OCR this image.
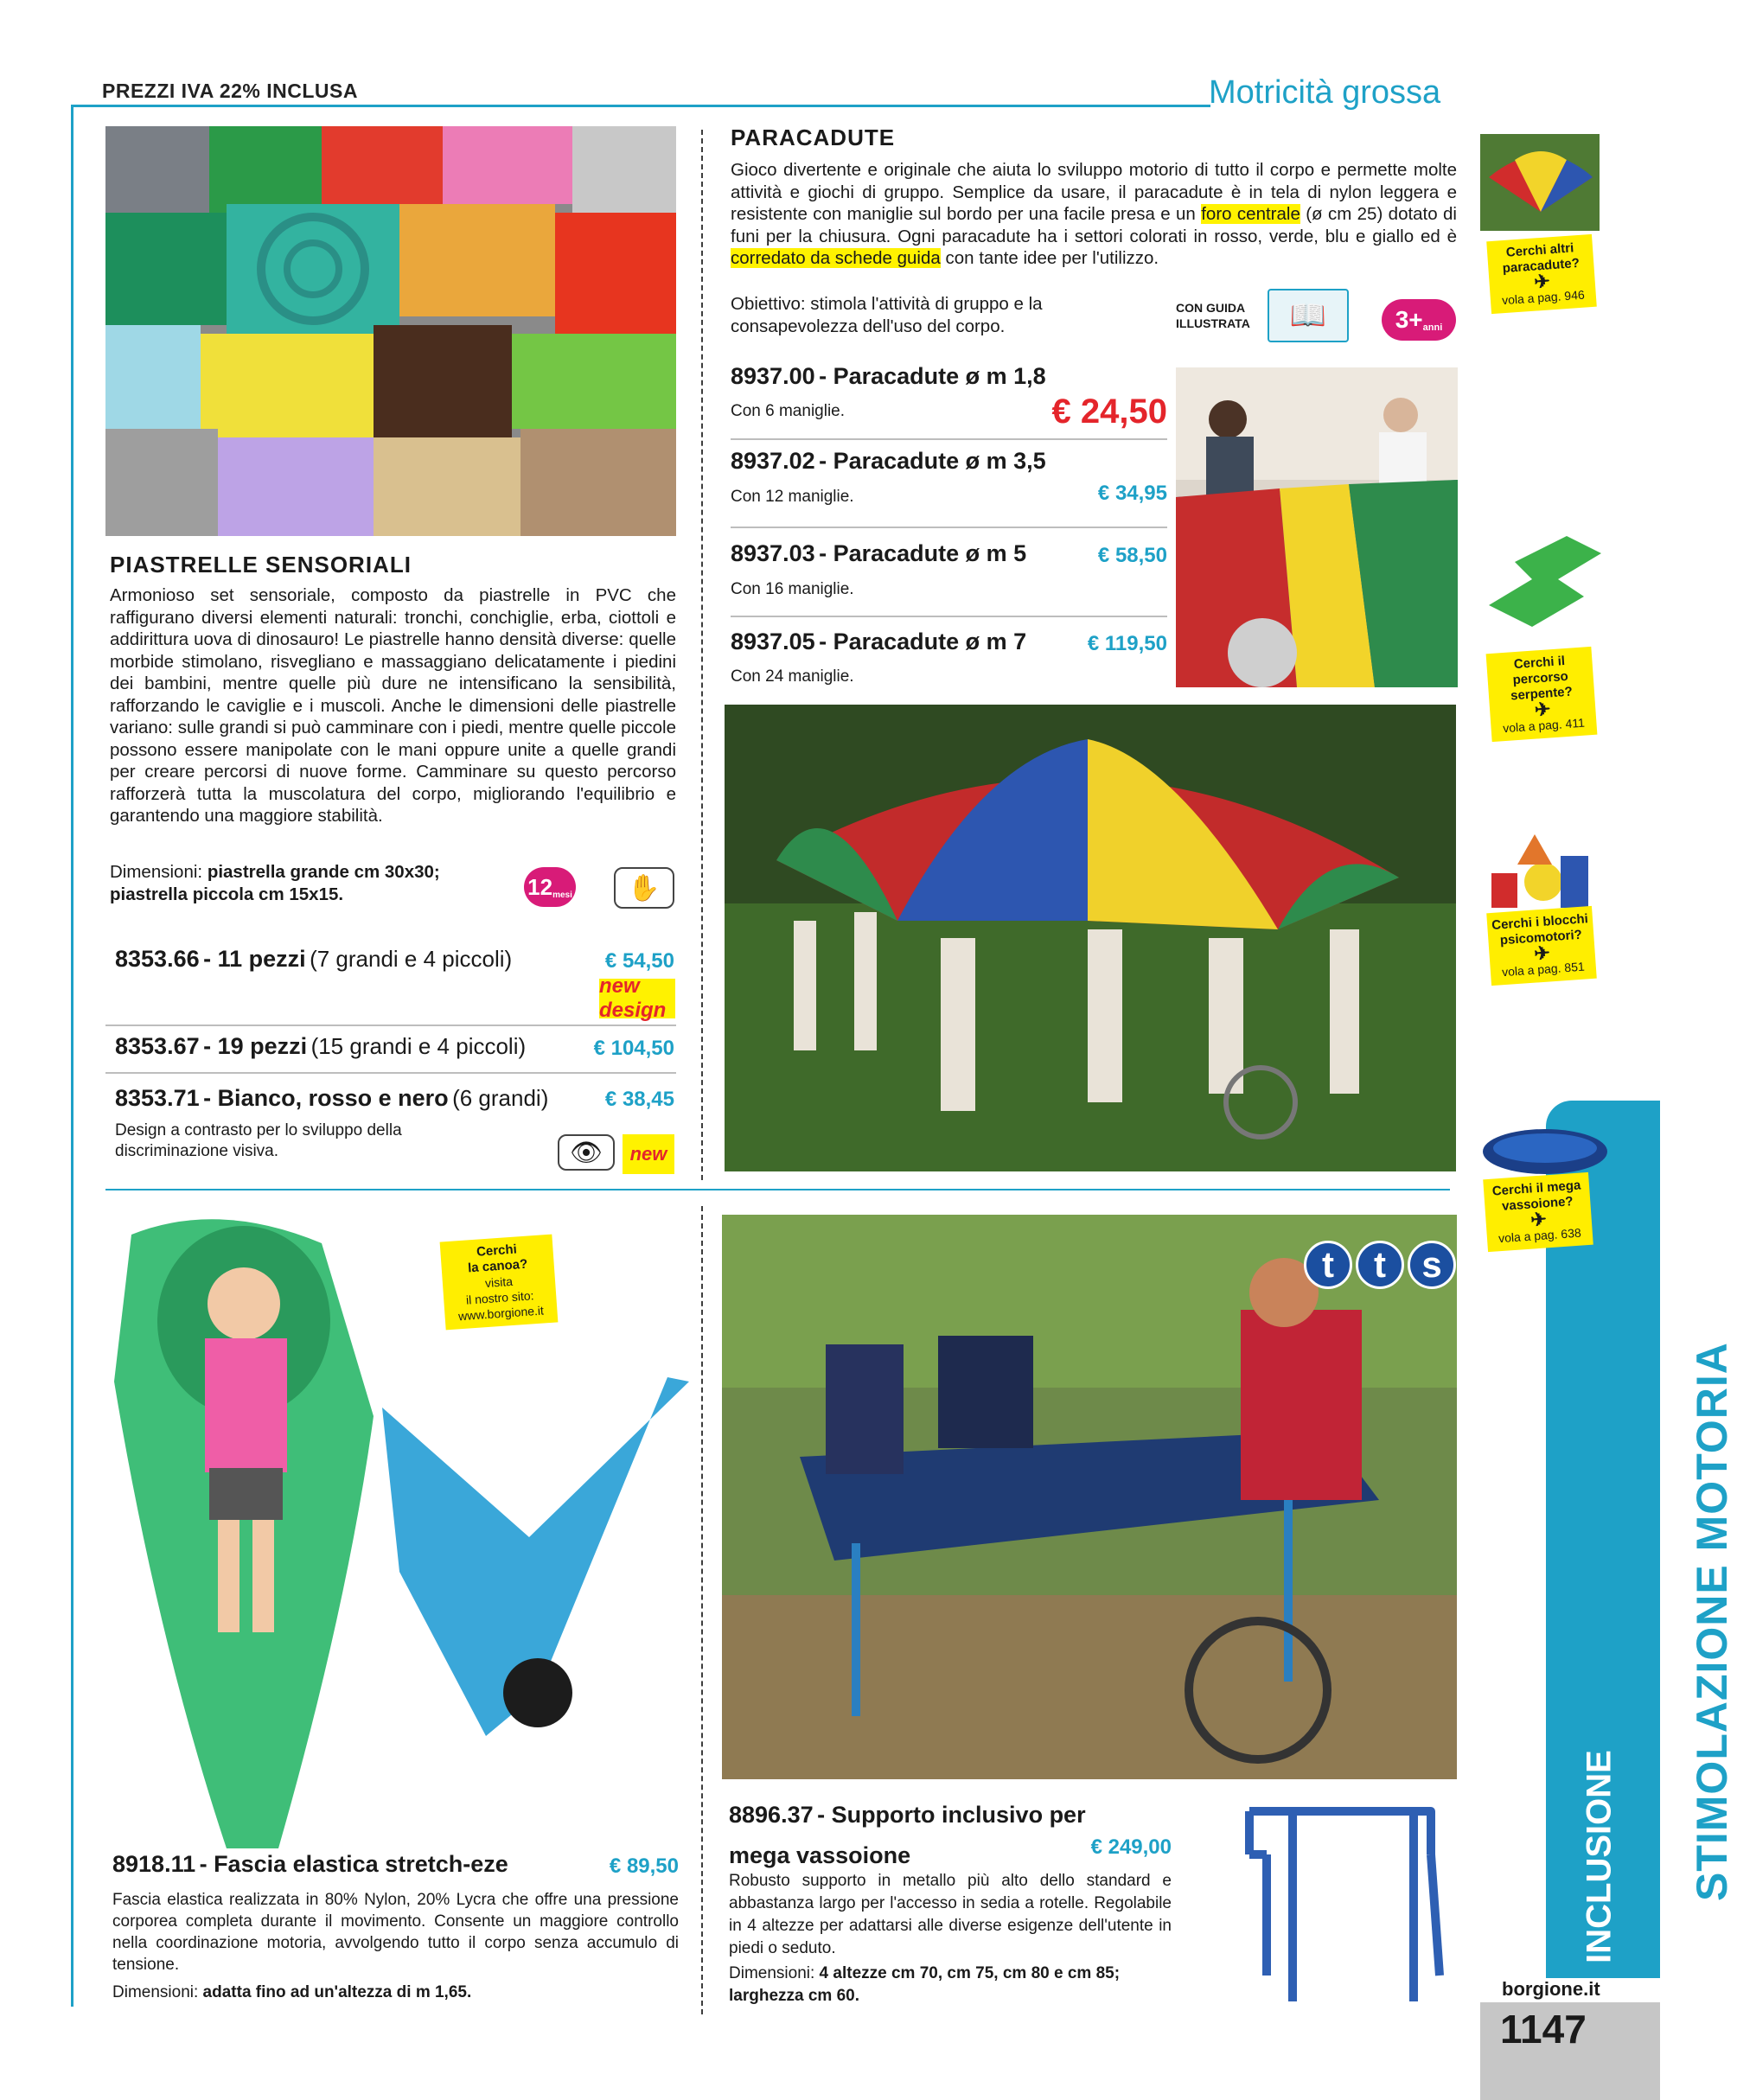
PREZZI IVA 22% INCLUSA	Motricità grossa
PIASTRELLE SENSORIALI
Armonioso set sensoriale, composto da piastrelle in PVC che raffigurano diversi elementi naturali: tronchi, conchiglie, erba, ciottoli e addirittura uova di dinosauro! Le piastrelle hanno densità diverse: quelle morbide stimolano, risvegliano e massaggiano delicatamente i piedini dei bambini, mentre quelle più dure ne intensificano la sensibilità, rafforzando le caviglie e i muscoli. Anche le dimensioni delle piastrelle variano: sulle grandi si può camminare con i piedi, mentre quelle piccole possono essere manipolate con le mani oppure unite a quelle grandi per creare percorsi di nuove forme. Camminare su questo percorso rafforzerà tutta la muscolatura del corpo, migliorando l'equilibrio e garantendo una maggiore stabilità.
Dimensioni: piastrella grande cm 30x30;
piastrella piccola cm 15x15.	12 mesi	✋
8353.66 - 11 pezzi (7 grandi e 4 piccoli)	€ 54,50
new design
8353.67 - 19 pezzi (15 grandi e 4 piccoli)	€ 104,50
8353.71 - Bianco, rosso e nero (6 grandi)	€ 38,45
Design a contrasto per lo sviluppo della discriminazione visiva.	👁	new
PARACADUTE
Gioco divertente e originale che aiuta lo sviluppo motorio di tutto il corpo e permette molte attività e giochi di gruppo. Semplice da usare, il paracadute è in tela di nylon leggera e resistente con maniglie sul bordo per una facile presa e un foro centrale (ø cm 25) dotato di funi per la chiusura. Ogni paracadute ha i settori colorati in rosso, verde, blu e giallo ed è corredato da schede guida con tante idee per l'utilizzo.
Obiettivo: stimola l'attività di gruppo e la consapevolezza dell'uso del corpo.
CON GUIDA ILLUSTRATA	📖	3+ anni
8937.00 - Paracadute ø m 1,8
Con 6 maniglie.	€ 24,50
8937.02 - Paracadute ø m 3,5
Con 12 maniglie.	€ 34,95
8937.03 - Paracadute ø m 5
Con 16 maniglie.
€ 58,50
8937.05 - Paracadute ø m 7
Con 24 maniglie.
€ 119,50
Cerchi
la canoa?
visita
il nostro sito:
www.borgione.it
8918.11 - Fascia elastica stretch-eze	€ 89,50
Fascia elastica realizzata in 80% Nylon, 20% Lycra che offre una pressione corporea completa durante il movimento. Consente un maggiore controllo nella coordinazione motoria, avvolgendo tutto il corpo senza accumulo di tensione.
Dimensioni: adatta fino ad un'altezza di m 1,65.
t	t s
8896.37 - Supporto inclusivo per
mega vassoione	€ 249,00
Robusto supporto in metallo più alto dello standard e abbastanza largo per l'accesso in sedia a rotelle. Regolabile in 4 altezze per adattarsi alle diverse esigenze dell'utente in piedi o seduto.
Dimensioni: 4 altezze cm 70, cm 75, cm 80 e cm 85; larghezza cm 60.
Cerchi altri paracadute?
✈
vola a pag. 946
Cerchi il percorso serpente?
✈
vola a pag. 411
Cerchi i blocchi psicomotori?
✈
vola a pag. 851
Cerchi il mega vassoione?
✈
vola a pag. 638
STIMOLAZIONE MOTORIA
INCLUSIONE
borgione.it
1147
